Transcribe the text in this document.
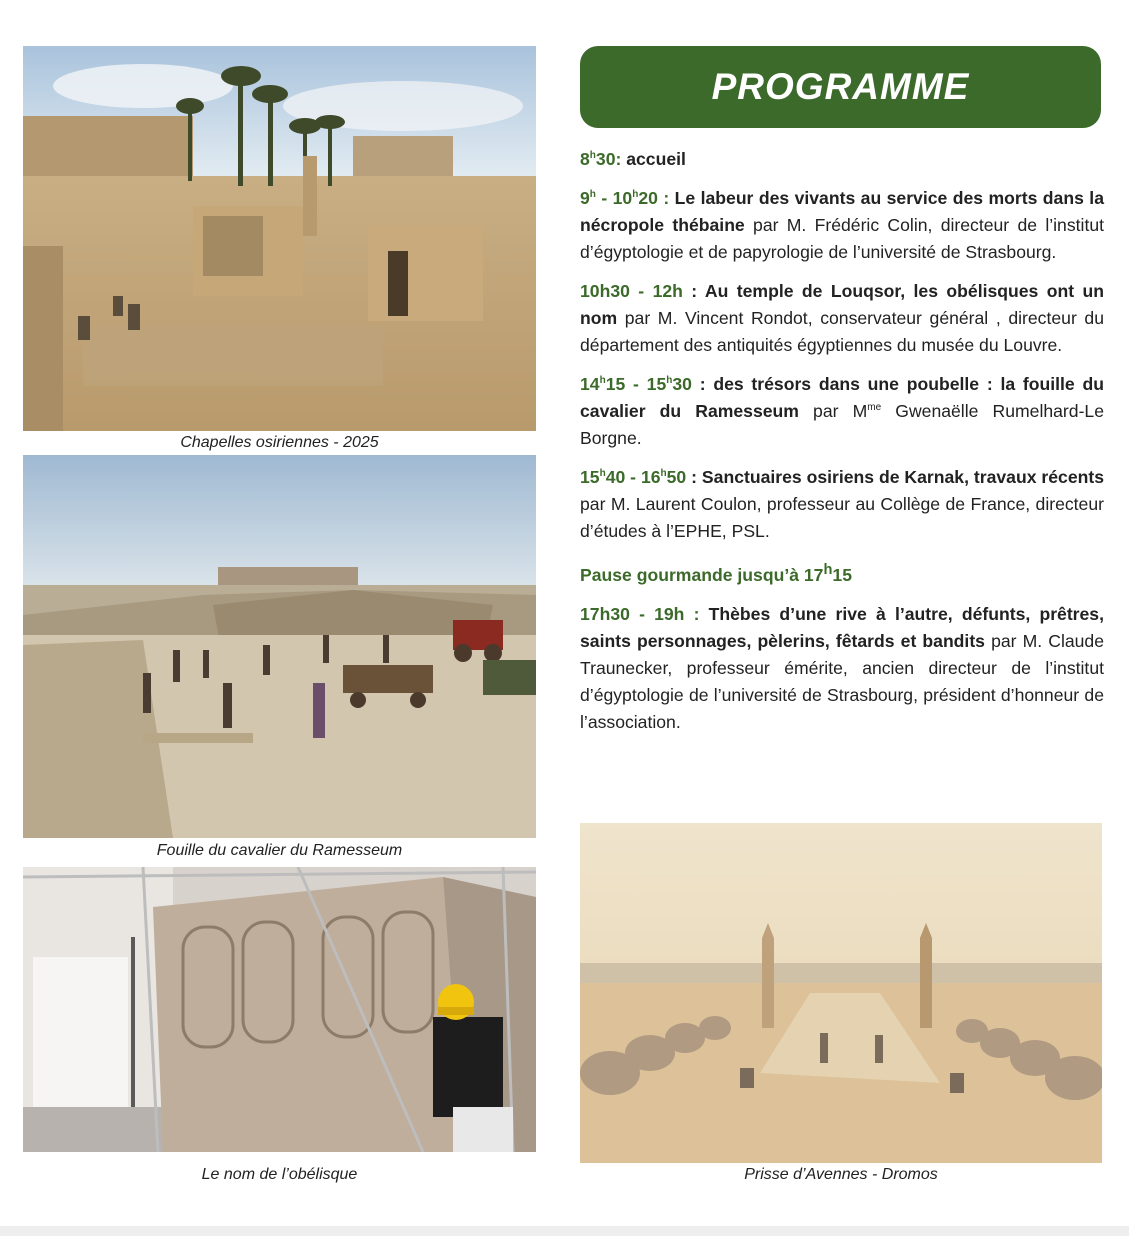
Chapelles osiriennes - 2025
Fouille du cavalier du Ramesseum
Le nom de l’obélisque
PROGRAMME

8$^h$30: accueil

9$^h$ - 10$^h$20 : Le labeur des vivants au service des morts dans la nécropole thébaine par M. Frédéric Colin, directeur de l’institut d’égyptologie et de papyrologie de l’université de Strasbourg.

10h30 - 12h : Au temple de Louqsor, les obélisques ont un nom par M. Vincent Rondot, conservateur général , directeur du département des antiquités égyptiennes du musée du Louvre.

14$^h$15 - 15$^h$30 : des trésors dans une poubelle : la fouille du cavalier du Ramesseum par $M^{me}$ Gwenaëlle Rumelhard-Le Borgne.

15$^h$40 - 16$^h$50 : Sanctuaires osiriens de Karnak, travaux récents par M. Laurent Coulon, professeur au Collège de France, directeur d’études à l’EPHE, PSL.

Pause gourmande jusqu’à 17$^h$15

17h30 - 19h : Thèbes d’une rive à l’autre, défunts, prêtres, saints personnages, pèlerins, fêtards et bandits par M. Claude Traunecker, professeur émérite, ancien directeur de l’institut d’égyptologie de l’université de Strasbourg, président d’honneur de l’association.

Prisse d’Avennes - Dromos
